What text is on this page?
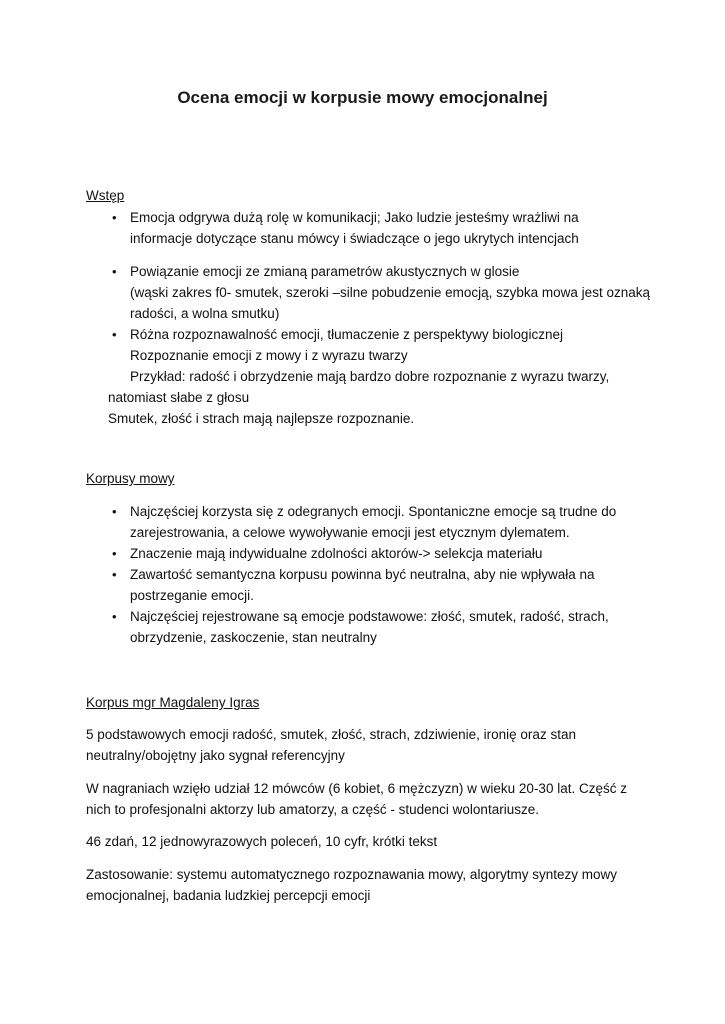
Ocena emocji w korpusie mowy emocjonalnej
Wstęp
• Emocja odgrywa dużą rolę w komunikacji; Jako ludzie jesteśmy wrażliwi na
informacje dotyczące stanu mówcy i świadczące o jego ukrytych intencjach
• Powiązanie emocji ze zmianą parametrów akustycznych w glosie
(wąski zakres f0- smutek, szeroki –silne pobudzenie emocją, szybka mowa jest oznaką
radości, a wolna smutku)
• Różna rozpoznawalność emocji, tłumaczenie z perspektywy biologicznej
Rozpoznanie emocji z mowy i z wyrazu twarzy
Przykład: radość i obrzydzenie mają bardzo dobre rozpoznanie z wyrazu twarzy,
natomiast słabe z głosu
Smutek, złość i strach mają najlepsze rozpoznanie.
Korpusy mowy
• Najczęściej korzysta się z odegranych emocji. Spontaniczne emocje są trudne do
zarejestrowania, a celowe wywoływanie emocji jest etycznym dylematem.
• Znaczenie mają indywidualne zdolności aktorów-> selekcja materiału
• Zawartość semantyczna korpusu powinna być neutralna, aby nie wpływała na
postrzeganie emocji.
• Najczęściej rejestrowane są emocje podstawowe: złość, smutek, radość, strach,
obrzydzenie, zaskoczenie, stan neutralny
Korpus mgr Magdaleny Igras
5 podstawowych emocji radość, smutek, złość, strach, zdziwienie, ironię oraz stan
neutralny/obojętny jako sygnał referencyjny
W nagraniach wzięło udział 12 mówców (6 kobiet, 6 mężczyzn) w wieku 20-30 lat. Część z
nich to profesjonalni aktorzy lub amatorzy, a część - studenci wolontariusze.
46 zdań, 12 jednowyrazowych poleceń, 10 cyfr, krótki tekst
Zastosowanie: systemu automatycznego rozpoznawania mowy, algorytmy syntezy mowy
emocjonalnej, badania ludzkiej percepcji emocji
